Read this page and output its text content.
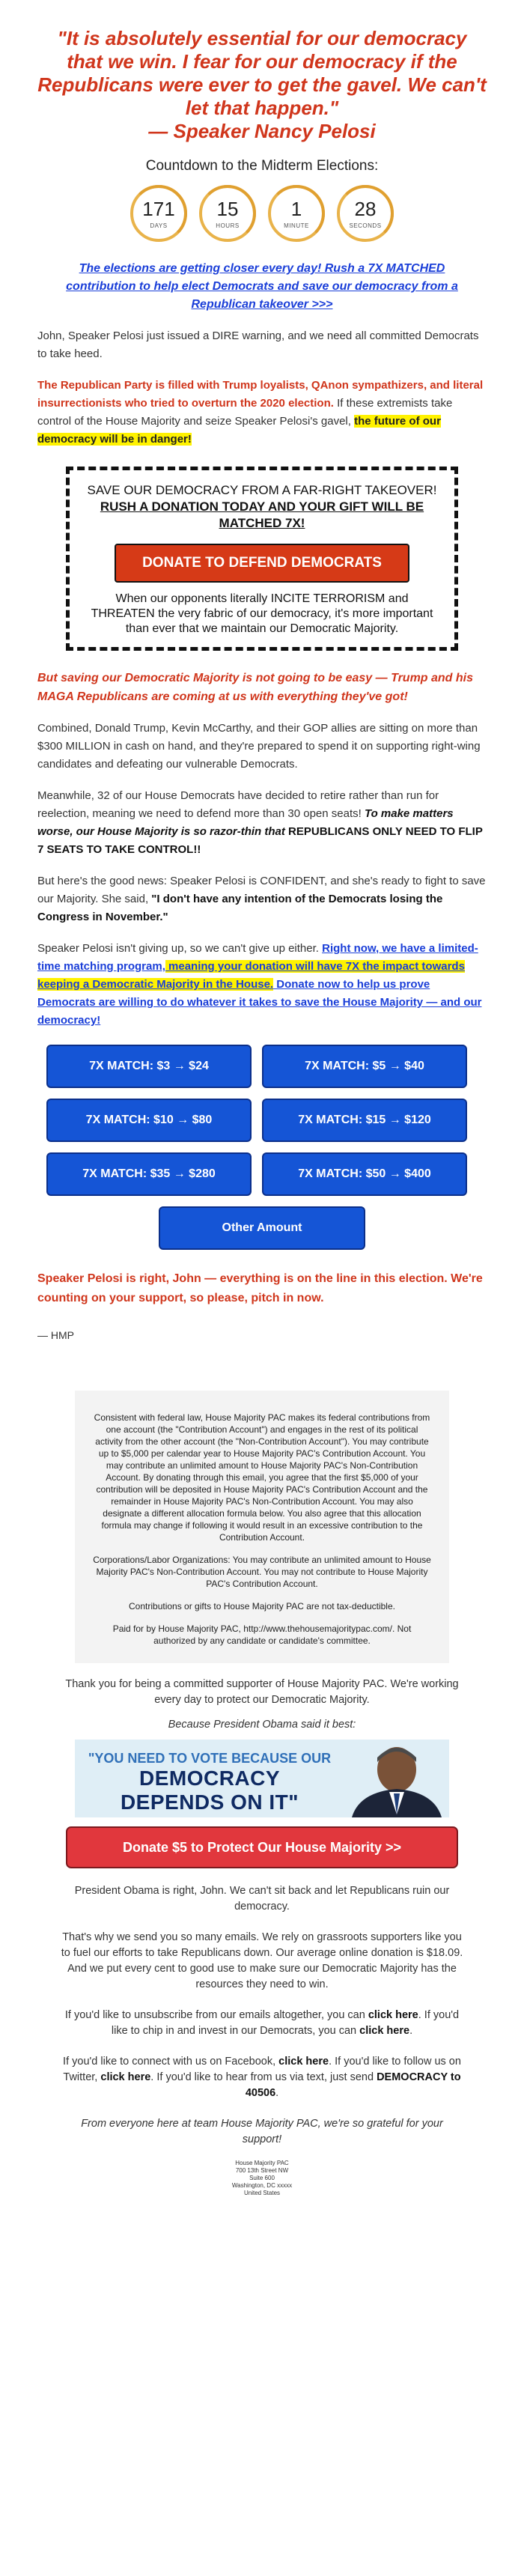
"It is absolutely essential for our democracy that we win. I fear for our democracy if the Republicans were ever to get the gavel. We can't let that happen."
— Speaker Nancy Pelosi
Countdown to the Midterm Elections:
171
DAYS
15
HOURS
1
MINUTE
28
SECONDS
The elections are getting closer every day! Rush a 7X MATCHED contribution to help elect Democrats and save our democracy from a Republican takeover >>>

John, Speaker Pelosi just issued a DIRE warning, and we need all committed Democrats to take heed.

The Republican Party is filled with Trump loyalists, QAnon sympathizers, and literal insurrectionists who tried to overturn the 2020 election. If these extremists take control of the House Majority and seize Speaker Pelosi's gavel, the future of our democracy will be in danger!

SAVE OUR DEMOCRACY FROM A FAR-RIGHT TAKEOVER!
RUSH A DONATION TODAY AND YOUR GIFT WILL BE MATCHED 7X!
DONATE TO DEFEND DEMOCRATS
When our opponents literally INCITE TERRORISM and THREATEN the very fabric of our democracy, it's more important than ever that we maintain our Democratic Majority.
But saving our Democratic Majority is not going to be easy — Trump and his MAGA Republicans are coming at us with everything they've got!

Combined, Donald Trump, Kevin McCarthy, and their GOP allies are sitting on more than $300 MILLION in cash on hand, and they're prepared to spend it on supporting right-wing candidates and defeating our vulnerable Democrats.

Meanwhile, 32 of our House Democrats have decided to retire rather than run for reelection, meaning we need to defend more than 30 open seats! To make matters worse, our House Majority is so razor-thin that REPUBLICANS ONLY NEED TO FLIP 7 SEATS TO TAKE CONTROL!!

But here's the good news: Speaker Pelosi is CONFIDENT, and she's ready to fight to save our Majority. She said, "I don't have any intention of the Democrats losing the Congress in November."

Speaker Pelosi isn't giving up, so we can't give up either. Right now, we have a limited-time matching program, meaning your donation will have 7X the impact towards keeping a Democratic Majority in the House. Donate now to help us prove Democrats are willing to do whatever it takes to save the House Majority — and our democracy!

7X MATCH: $3 → $24	7X MATCH: $5 → $40
7X MATCH: $10 → $80	7X MATCH: $15 → $120
7X MATCH: $35 → $280	7X MATCH: $50 → $400
Other Amount
Speaker Pelosi is right, John — everything is on the line in this election. We're counting on your support, so please, pitch in now.
— HMP

Consistent with federal law, House Majority PAC makes its federal contributions from one account (the "Contribution Account") and engages in the rest of its political activity from the other account (the "Non-Contribution Account"). You may contribute up to $5,000 per calendar year to House Majority PAC's Contribution Account. You may contribute an unlimited amount to House Majority PAC's Non-Contribution Account. By donating through this email, you agree that the first $5,000 of your contribution will be deposited in House Majority PAC's Contribution Account and the remainder in House Majority PAC's Non-Contribution Account. You may also designate a different allocation formula below. You also agree that this allocation formula may change if following it would result in an excessive contribution to the Contribution Account.

Corporations/Labor Organizations: You may contribute an unlimited amount to House Majority PAC's Non-Contribution Account. You may not contribute to House Majority PAC's Contribution Account.

Contributions or gifts to House Majority PAC are not tax-deductible.

Paid for by House Majority PAC, http://www.thehousemajoritypac.com/. Not authorized by any candidate or candidate's committee.

Thank you for being a committed supporter of House Majority PAC. We're working every day to protect our Democratic Majority.
Because President Obama said it best:
"YOU NEED TO VOTE BECAUSE OUR
DEMOCRACY
DEPENDS ON IT"
Donate $5 to Protect Our House Majority >>
President Obama is right, John. We can't sit back and let Republicans ruin our democracy.
That's why we send you so many emails. We rely on grassroots supporters like you to fuel our efforts to take Republicans down. Our average online donation is $18.09. And we put every cent to good use to make sure our Democratic Majority has the resources they need to win.
If you'd like to unsubscribe from our emails altogether, you can click here. If you'd like to chip in and invest in our Democrats, you can click here.
If you'd like to connect with us on Facebook, click here. If you'd like to follow us on Twitter, click here. If you'd like to hear from us via text, just send DEMOCRACY to 40506.
From everyone here at team House Majority PAC, we're so grateful for your support!
House Majority PAC
700 13th Street NW
Suite 600
Washington, DC xxxxx
United States
